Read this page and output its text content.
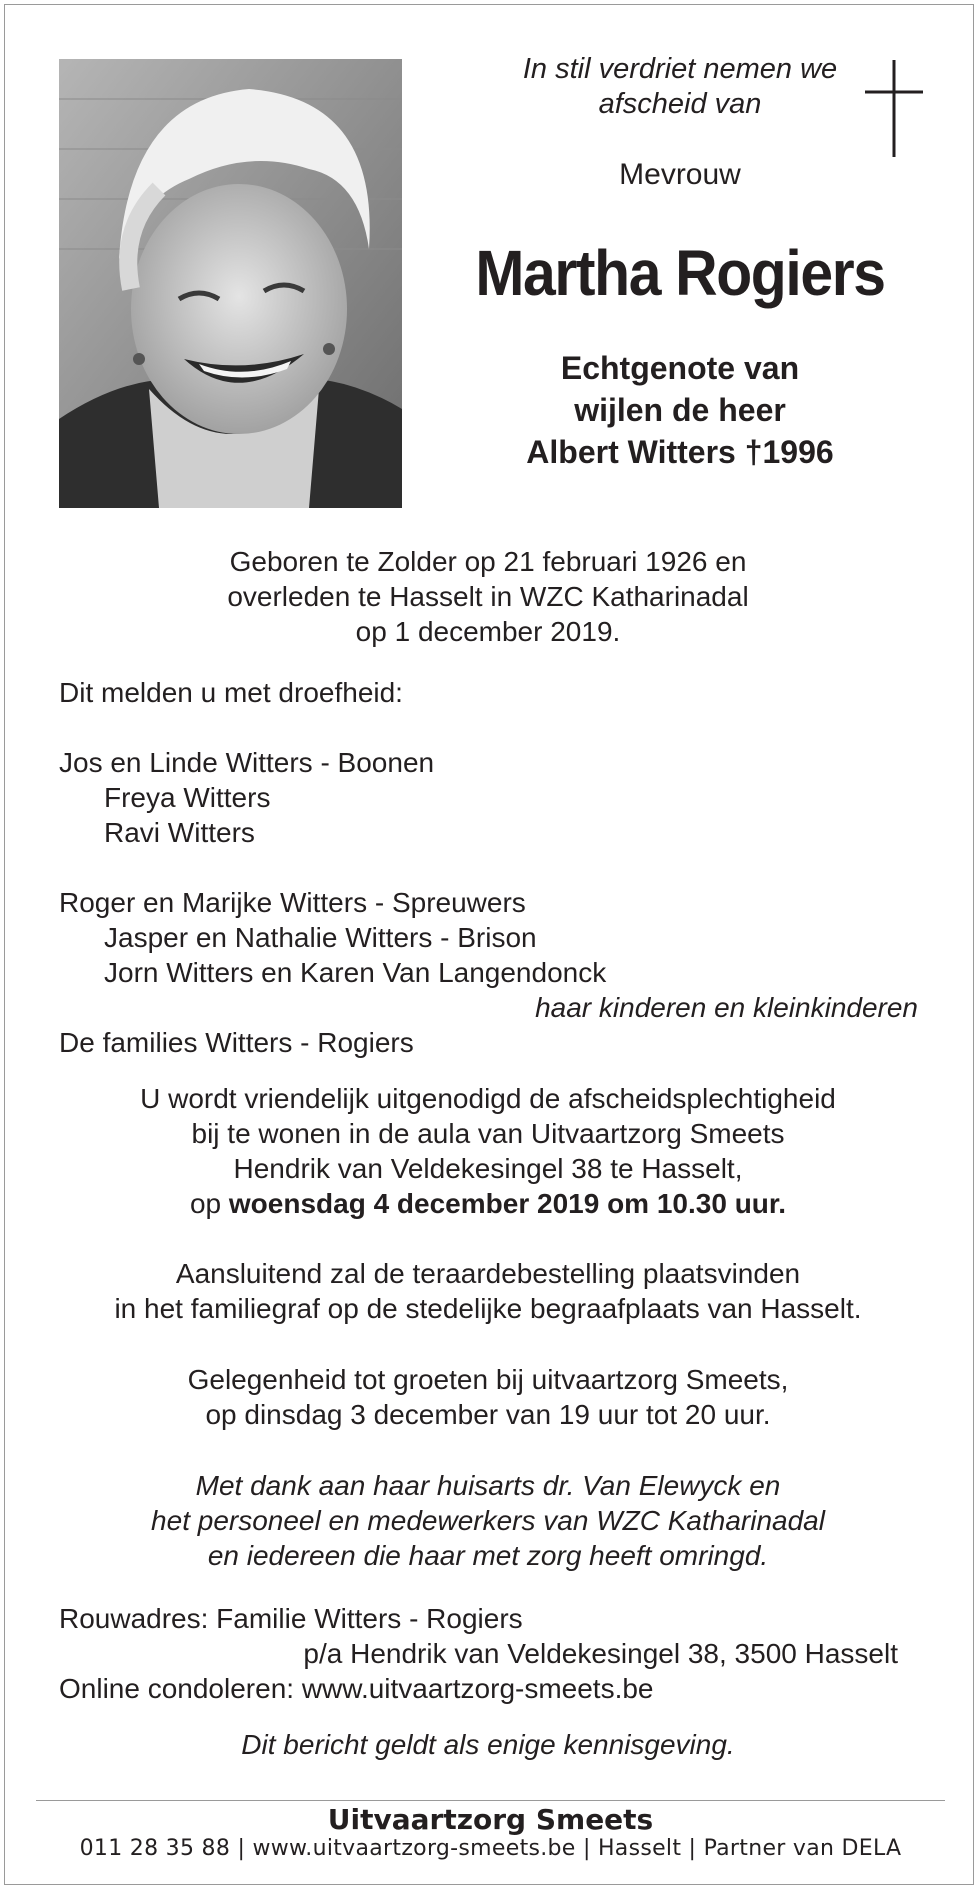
In stil verdriet nemen we
afscheid van
Mevrouw
Martha Rogiers
Echtgenote van
wijlen de heer
Albert Witters †1996
Geboren te Zolder op 21 februari 1926 en
overleden te Hasselt in WZC Katharinadal
op 1 december 2019.
Dit melden u met droefheid:
Jos en Linde Witters - Boonen
Freya Witters
Ravi Witters
Roger en Marijke Witters - Spreuwers
Jasper en Nathalie Witters - Brison
Jorn Witters en Karen Van Langendonck
haar kinderen en kleinkinderen
De families Witters - Rogiers
U wordt vriendelijk uitgenodigd de afscheidsplechtigheid
bij te wonen in de aula van Uitvaartzorg Smeets
Hendrik van Veldekesingel 38 te Hasselt,
op woensdag 4 december 2019 om 10.30 uur.
Aansluitend zal de teraardebestelling plaatsvinden
in het familiegraf op de stedelijke begraafplaats van Hasselt.
Gelegenheid tot groeten bij uitvaartzorg Smeets,
op dinsdag 3 december van 19 uur tot 20 uur.
Met dank aan haar huisarts dr. Van Elewyck en
het personeel en medewerkers van WZC Katharinadal
en iedereen die haar met zorg heeft omringd.
Rouwadres: Familie Witters - Rogiers
p/a Hendrik van Veldekesingel 38, 3500 Hasselt
Online condoleren: www.uitvaartzorg-smeets.be
Dit bericht geldt als enige kennisgeving.
Uitvaartzorg Smeets
011 28 35 88 | www.uitvaartzorg-smeets.be | Hasselt | Partner van DELA
